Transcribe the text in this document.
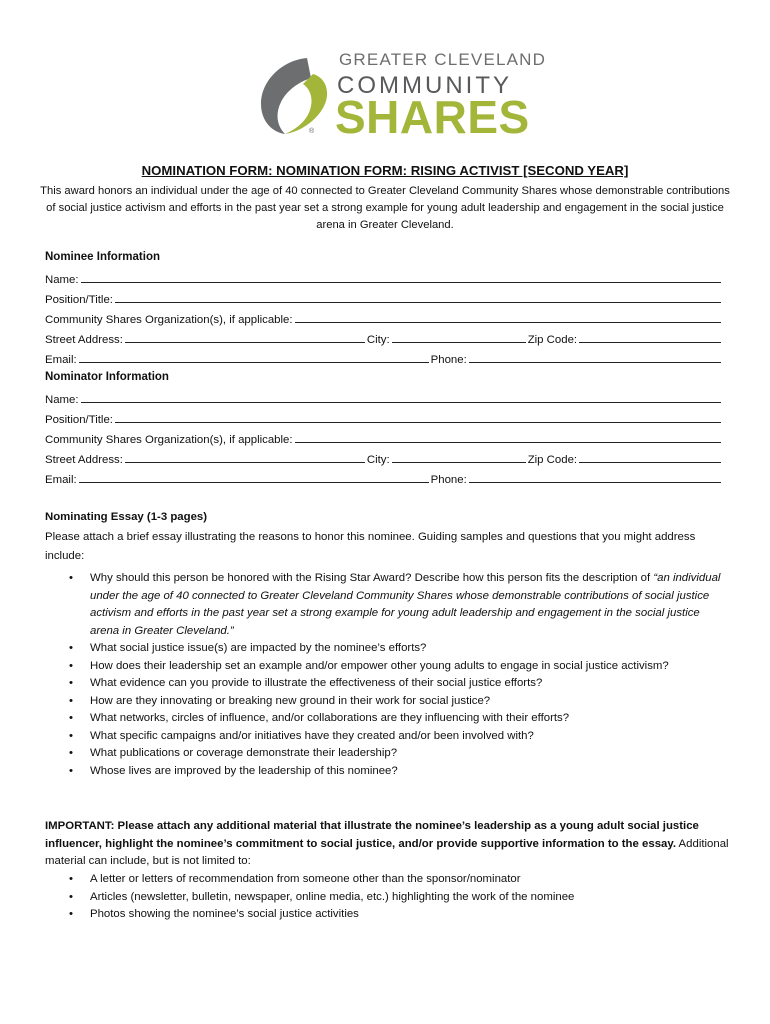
GREATER CLEVELAND
COMMUNITY
SHARES
®
NOMINATION FORM: NOMINATION FORM: RISING ACTIVIST [SECOND YEAR]
This award honors an individual under the age of 40 connected to Greater Cleveland Community Shares whose demonstrable contributions of social justice activism and efforts in the past year set a strong example for young adult leadership and engagement in the social justice arena in Greater Cleveland.
Nominee Information
Name:
Position/Title:
Community Shares Organization(s), if applicable:
Street Address:	City:	Zip Code:
Email:	Phone:
Nominator Information
Name:
Position/Title:
Community Shares Organization(s), if applicable:
Street Address:	City:	Zip Code:
Email:	Phone:
Nominating Essay (1-3 pages)
Please attach a brief essay illustrating the reasons to honor this nominee. Guiding samples and questions that you might address include:
• Why should this person be honored with the Rising Star Award? Describe how this person fits the description of “an individual under the age of 40 connected to Greater Cleveland Community Shares whose demonstrable contributions of social justice activism and efforts in the past year set a strong example for young adult leadership and engagement in the social justice arena in Greater Cleveland.”
• What social justice issue(s) are impacted by the nominee’s efforts?
• How does their leadership set an example and/or empower other young adults to engage in social justice activism?
• What evidence can you provide to illustrate the effectiveness of their social justice efforts?
• How are they innovating or breaking new ground in their work for social justice?
• What networks, circles of influence, and/or collaborations are they influencing with their efforts?
• What specific campaigns and/or initiatives have they created and/or been involved with?
• What publications or coverage demonstrate their leadership?
• Whose lives are improved by the leadership of this nominee?
IMPORTANT: Please attach any additional material that illustrate the nominee’s leadership as a young adult social justice influencer, highlight the nominee’s commitment to social justice, and/or provide supportive information to the essay. Additional material can include, but is not limited to:
• A letter or letters of recommendation from someone other than the sponsor/nominator
• Articles (newsletter, bulletin, newspaper, online media, etc.) highlighting the work of the nominee
• Photos showing the nominee’s social justice activities
